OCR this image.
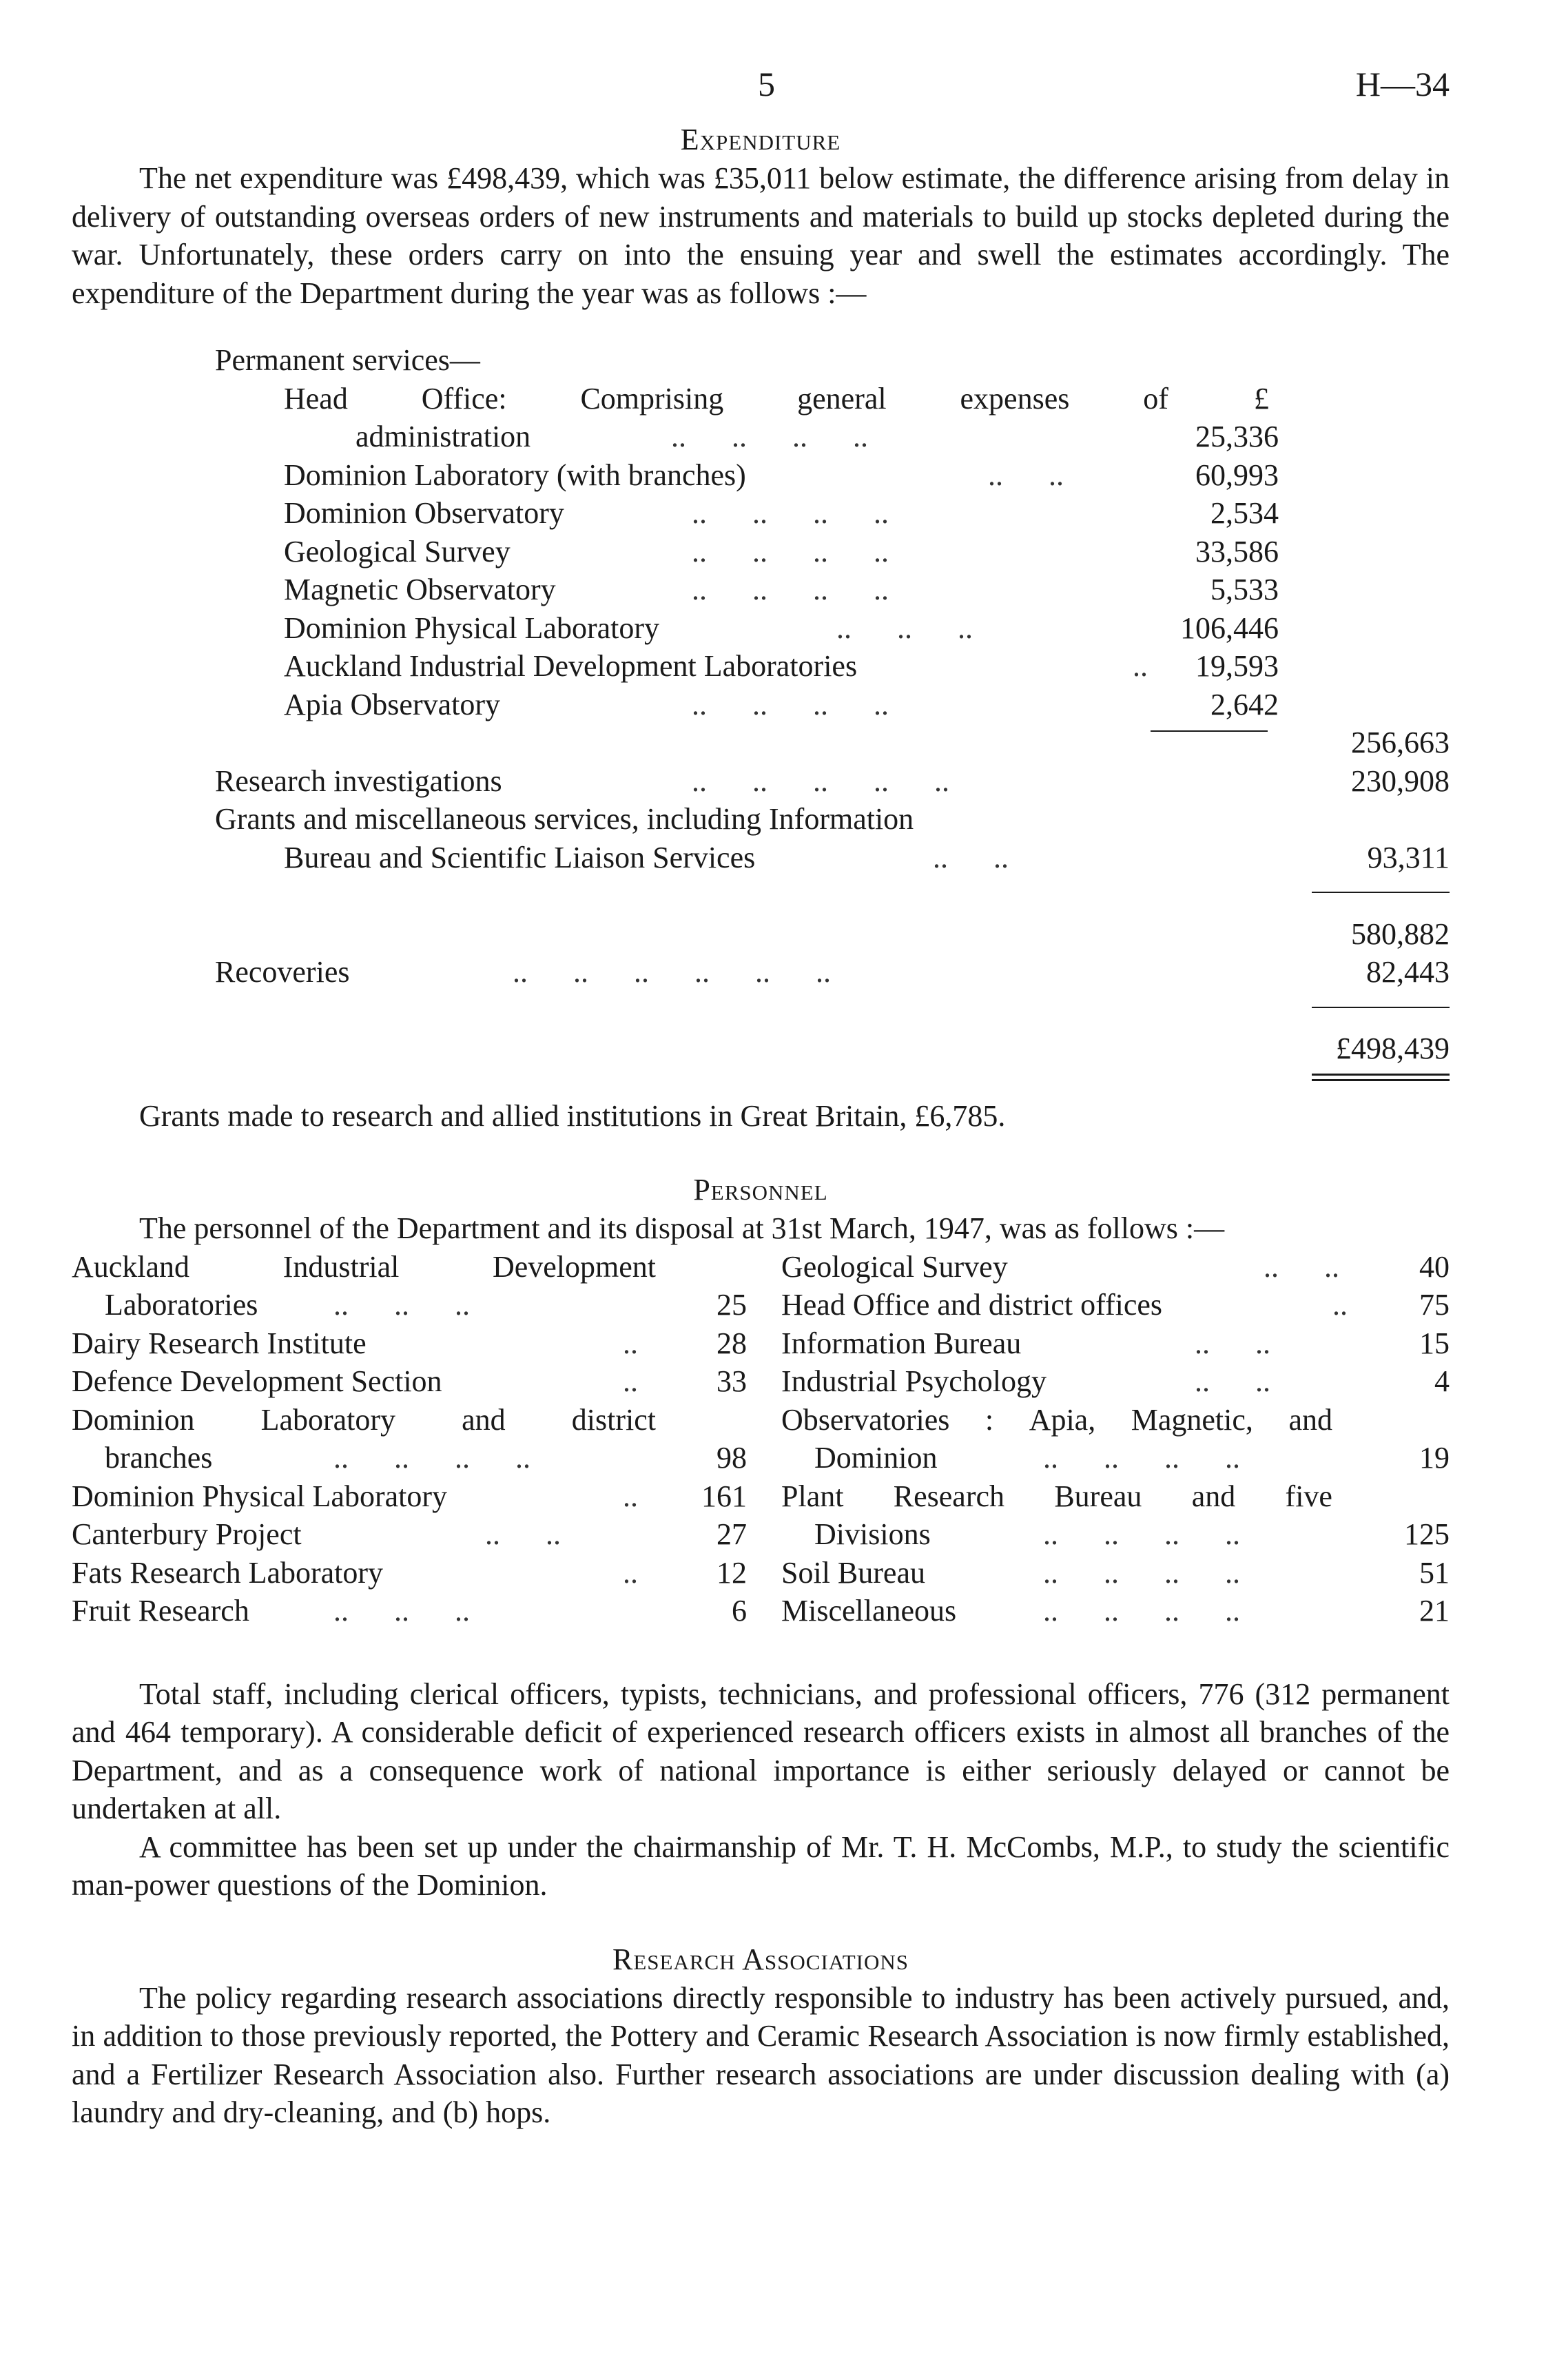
5	H—34
Expenditure

The net expenditure was £498,439, which was £35,011 below estimate, the difference arising from delay in delivery of outstanding overseas orders of new instruments and materials to build up stocks depleted during the war. Unfortunately, these orders carry on into the ensuing year and swell the estimates accordingly. The expenditure of the Department during the year was as follows :—

Permanent services—
Head Office: Comprising general expenses of	£
administration	..      ..      ..      ..	25,336
Dominion Laboratory (with branches)	..      ..	60,993
Dominion Observatory	..      ..      ..      ..	2,534
Geological Survey	..      ..      ..      ..	33,586
Magnetic Observatory	..      ..      ..      ..	5,533
Dominion Physical Laboratory	..      ..      ..	106,446
Auckland Industrial Development Laboratories	.. 19,593
Apia Observatory	..      ..      ..      ..	2,642
256,663
Research investigations	..      ..      ..      ..      ..	230,908
Grants and miscellaneous services, including Information
Bureau and Scientific Liaison Services	..      ..	93,311
580,882
Recoveries	..      ..      ..      ..      ..      ..	82,443
£498,439
Grants made to research and allied institutions in Great Britain, £6,785.
Personnel

The personnel of the Department and its disposal at 31st March, 1947, was as follows :—

Auckland	Industrial	Development
Laboratories ..      ..      ..	25
Dairy Research Institute	..	28
Defence Development Section	..	33
Dominion Laboratory and district
branches	..      ..      ..      ..	98
Dominion Physical Laboratory	.. 161
Canterbury Project	..      ..	27
Fats Research Laboratory	..	12
Fruit Research	..      ..      ..	6
Geological Survey	..      ..	40
Head Office and district offices	.. 75
Information Bureau	..      ..	15
Industrial Psychology	..      ..	4
Observatories : Apia, Magnetic, and
Dominion	..      ..      ..      ..	19
Plant Research Bureau and five
Divisions	..      ..      ..      ..	125
Soil Bureau	..      ..      ..      ..	51
Miscellaneous	..      ..      ..      ..	21

Total staff, including clerical officers, typists, technicians, and professional officers, 776 (312 permanent and 464 temporary). A considerable deficit of experienced research officers exists in almost all branches of the Department, and as a consequence work of national importance is either seriously delayed or cannot be undertaken at all.

A committee has been set up under the chairmanship of Mr. T. H. McCombs, M.P., to study the scientific man-power questions of the Dominion.

Research Associations

The policy regarding research associations directly responsible to industry has been actively pursued, and, in addition to those previously reported, the Pottery and Ceramic Research Association is now firmly established, and a Fertilizer Research Association also. Further research associations are under discussion dealing with (a) laundry and dry-cleaning, and (b) hops.
